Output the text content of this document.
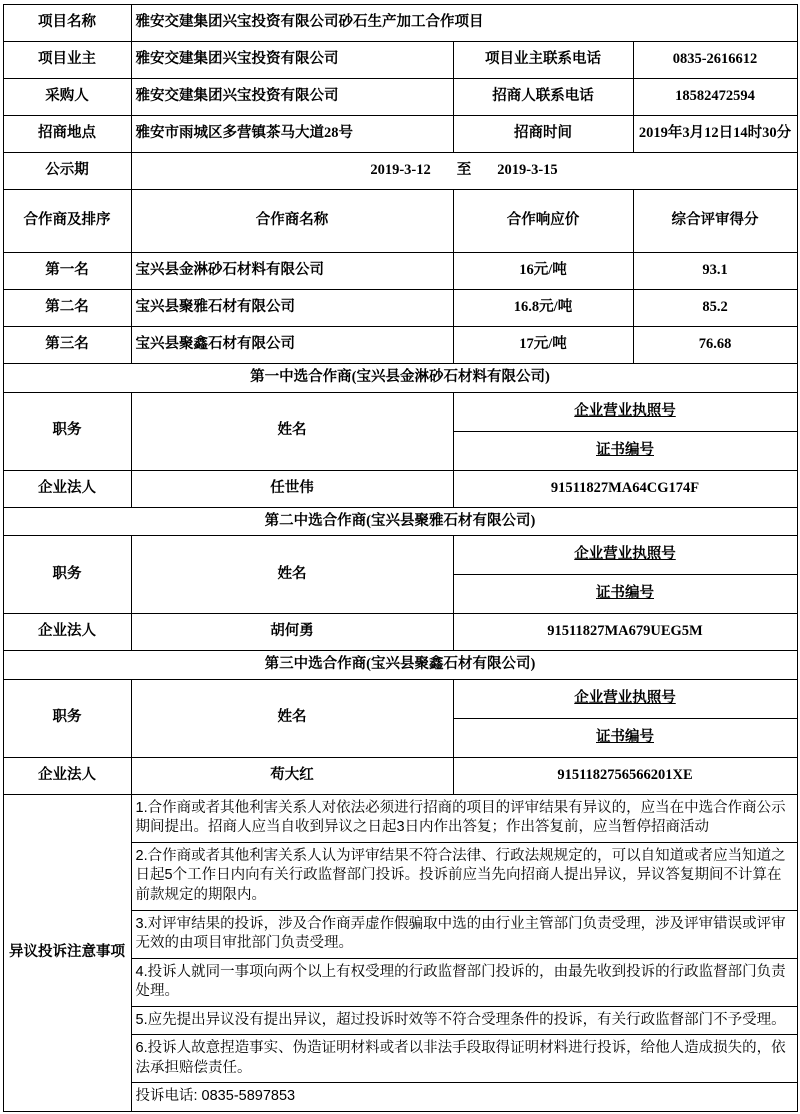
项目名称	雅安交建集团兴宝投资有限公司砂石生产加工合作项目		
项目业主	雅安交建集团兴宝投资有限公司	项目业主联系电话	0835-2616612
采购人	雅安交建集团兴宝投资有限公司	招商人联系电话	18582472594
招商地点	雅安市雨城区多营镇茶马大道28号	招商时间	2019年3月12日14时30分
公示期	2019-3-12 至 2019-3-15		
合作商及排序	合作商名称	合作响应价	综合评审得分
第一名	宝兴县金淋砂石材料有限公司	16元/吨	93.1
第二名	宝兴县聚雅石材有限公司	16.8元/吨	85.2
第三名	宝兴县聚鑫石材有限公司	17元/吨	76.68
第一中选合作商(宝兴县金淋砂石材料有限公司)			
职务	姓名	企业营业执照号	
		证书编号	
企业法人	任世伟	91511827MA64CG174F	
第二中选合作商(宝兴县聚雅石材有限公司)			
职务	姓名	企业营业执照号	
		证书编号	
企业法人	胡何勇	91511827MA679UEG5M	
第三中选合作商(宝兴县聚鑫石材有限公司)			
职务	姓名	企业营业执照号	
		证书编号	
企业法人	苟大红	9151182756566201XE	
异议投诉注意事项	1.合作商或者其他利害关系人对依法必须进行招商的项目的评审结果有异议的，应当在中选合作商公示期间提出。招商人应当自收到异议之日起3日内作出答复；作出答复前，应当暂停招商活动		
	2.合作商或者其他利害关系人认为评审结果不符合法律、行政法规规定的，可以自知道或者应当知道之日起5个工作日内向有关行政监督部门投诉。投诉前应当先向招商人提出异议，异议答复期间不计算在前款规定的期限内。		
	3.对评审结果的投诉，涉及合作商弄虚作假骗取中选的由行业主管部门负责受理，涉及评审错误或评审无效的由项目审批部门负责受理。		
	4.投诉人就同一事项向两个以上有权受理的行政监督部门投诉的，由最先收到投诉的行政监督部门负责处理。		
	5.应先提出异议没有提出异议，超过投诉时效等不符合受理条件的投诉，有关行政监督部门不予受理。		
	6.投诉人故意捏造事实、伪造证明材料或者以非法手段取得证明材料进行投诉，给他人造成损失的，依法承担赔偿责任。		
	投诉电话: 0835-5897853		
